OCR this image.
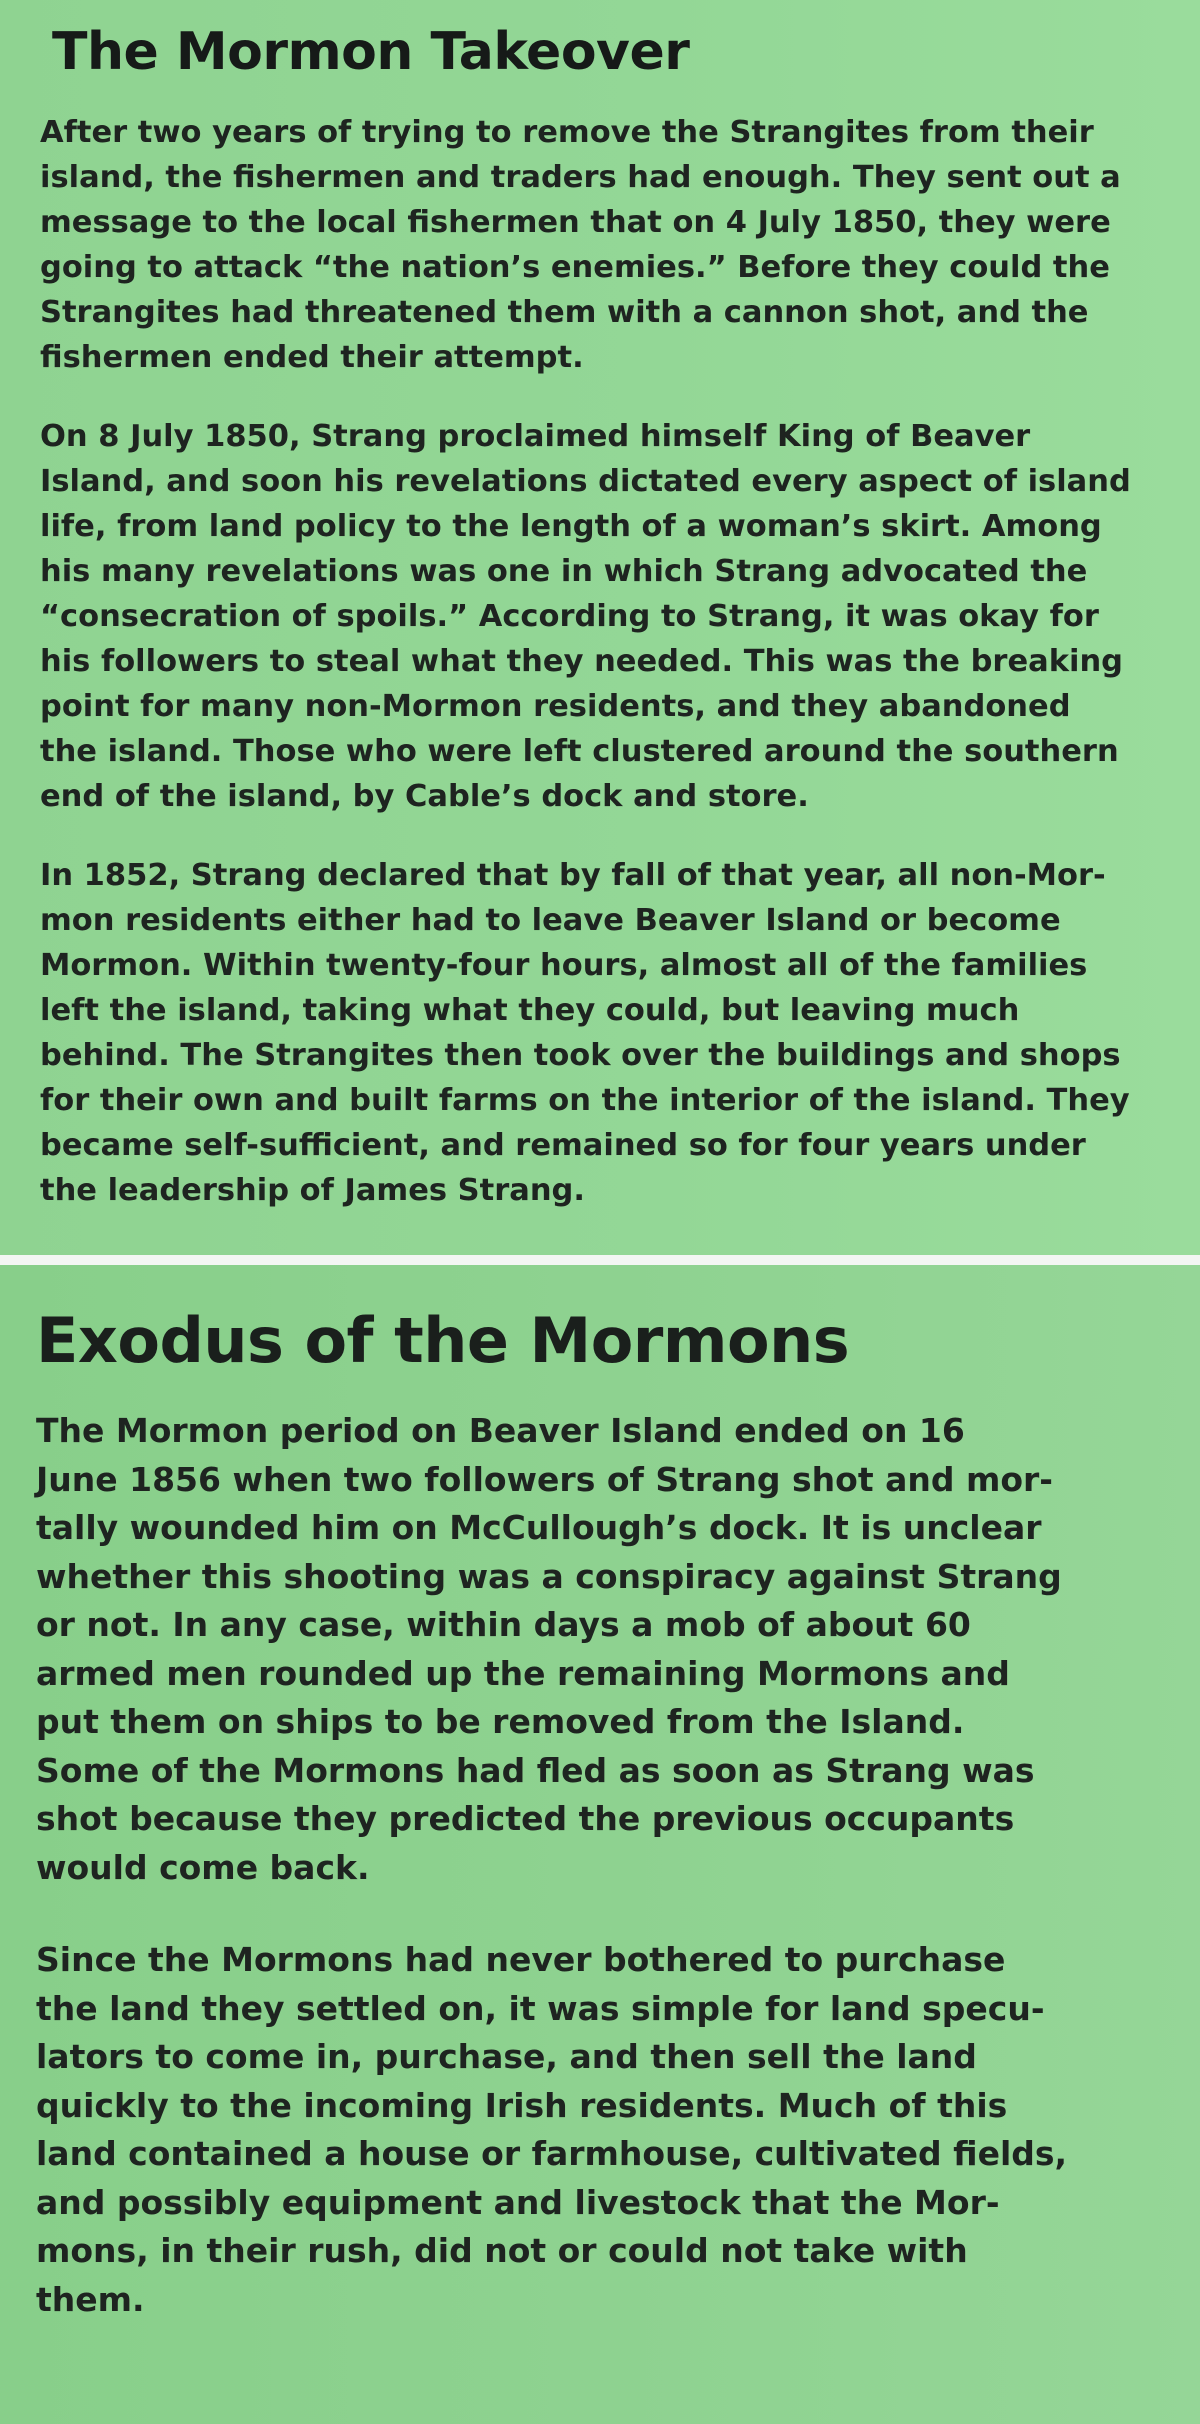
The Mormon Takeover

After two years of trying to remove the Strangites from their
island, the fishermen and traders had enough. They sent out a
message to the local fishermen that on 4 July 1850, they were
going to attack “the nation’s enemies.” Before they could the
Strangites had threatened them with a cannon shot, and the
fishermen ended their attempt.

On 8 July 1850, Strang proclaimed himself King of Beaver
Island, and soon his revelations dictated every aspect of island
life, from land policy to the length of a woman’s skirt. Among
his many revelations was one in which Strang advocated the
“consecration of spoils.” According to Strang, it was okay for
his followers to steal what they needed. This was the breaking
point for many non-Mormon residents, and they abandoned
the island. Those who were left clustered around the southern
end of the island, by Cable’s dock and store.

In 1852, Strang declared that by fall of that year, all non-Mor-
mon residents either had to leave Beaver Island or become
Mormon. Within twenty-four hours, almost all of the families
left the island, taking what they could, but leaving much
behind. The Strangites then took over the buildings and shops
for their own and built farms on the interior of the island. They
became self-sufficient, and remained so for four years under
the leadership of James Strang.

Exodus of the Mormons

The Mormon period on Beaver Island ended on 16
June 1856 when two followers of Strang shot and mor-
tally wounded him on McCullough’s dock. It is unclear
whether this shooting was a conspiracy against Strang
or not. In any case, within days a mob of about 60
armed men rounded up the remaining Mormons and
put them on ships to be removed from the Island.
Some of the Mormons had fled as soon as Strang was
shot because they predicted the previous occupants
would come back.

Since the Mormons had never bothered to purchase
the land they settled on, it was simple for land specu-
lators to come in, purchase, and then sell the land
quickly to the incoming Irish residents. Much of this
land contained a house or farmhouse, cultivated fields,
and possibly equipment and livestock that the Mor-
mons, in their rush, did not or could not take with
them.
